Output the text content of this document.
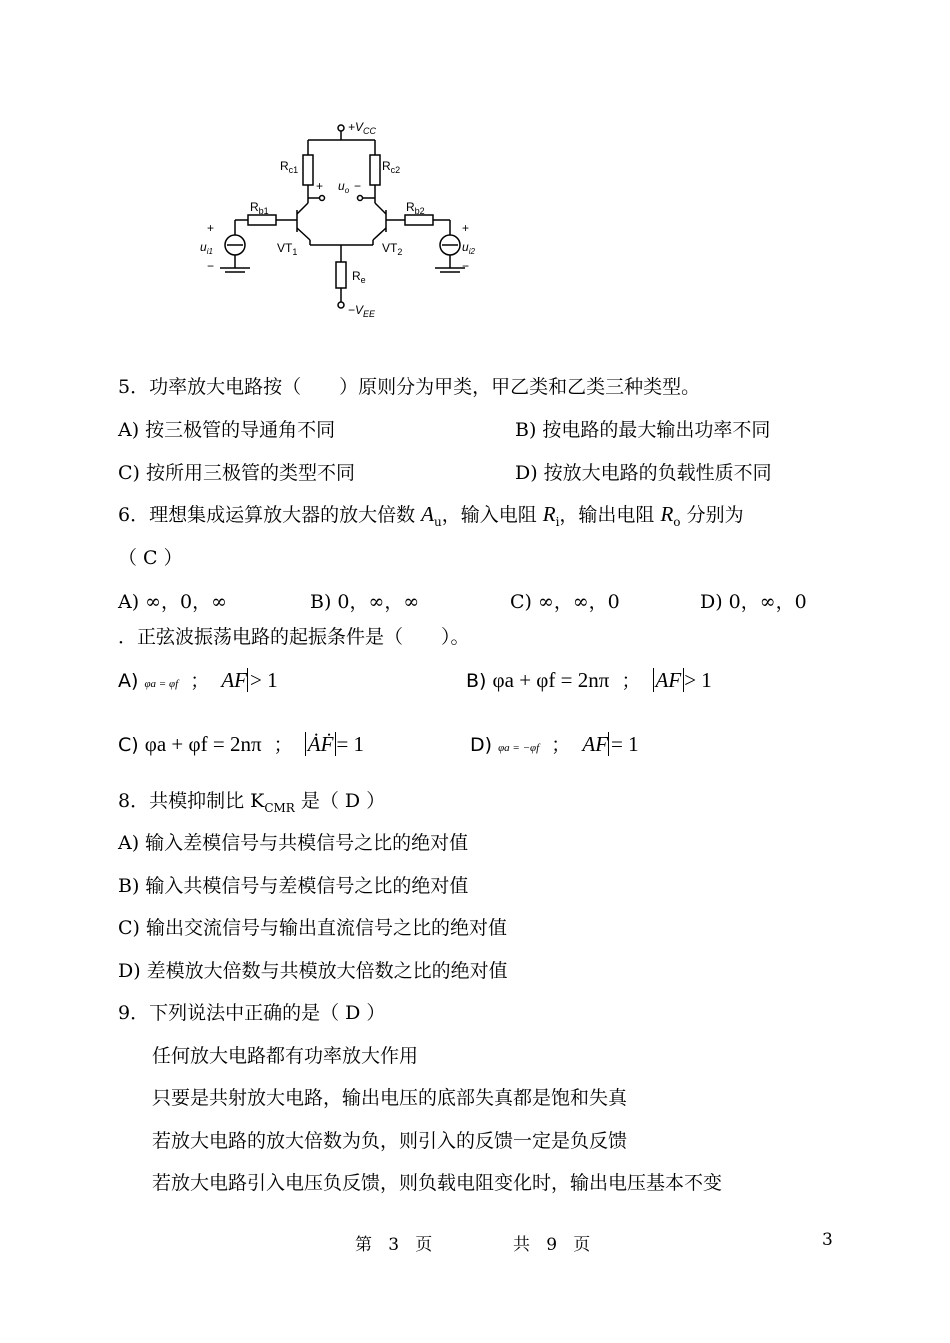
$+V_{CC}$
$R_{c1}$	$R_{c2}$
+ $u_o$ −
$R_{b1}$	$R_{b2}$
$VT_1$	$VT_2$
$R_e$
$-V_{EE}$
+
$u_{i1}$
−
+
$u_{i2}$
−
5．功率放大电路按（　　）原则分为甲类，甲乙类和乙类三种类型。
A) 按三极管的导通角不同	B) 按电路的最大输出功率不同
C) 按所用三极管的类型不同	D) 按放大电路的负载性质不同
6．理想集成运算放大器的放大倍数 $A_u$，输入电阻 $R_i$，输出电阻 $R_o$ 分别为
（ C ）
A) ∞，0，∞	B) 0，∞，∞	C) ∞，∞，0	D) 0，∞，0
．正弦波振荡电路的起振条件是（　　）。
A) φa = φf ； AF > 1	B) φa + φf = 2nπ ； AF > 1
C) φa + φf = 2nπ ； ȦḞ = 1	D) φa = −φf ； AF = 1
8．共模抑制比 $K_{CMR}$ 是（ D ）
A) 输入差模信号与共模信号之比的绝对值
B) 输入共模信号与差模信号之比的绝对值
C) 输出交流信号与输出直流信号之比的绝对值
D) 差模放大倍数与共模放大倍数之比的绝对值
9．下列说法中正确的是（ D ）
任何放大电路都有功率放大作用
只要是共射放大电路，输出电压的底部失真都是饱和失真
若放大电路的放大倍数为负，则引入的反馈一定是负反馈
若放大电路引入电压负反馈，则负载电阻变化时，输出电压基本不变
第 3 页	共 9 页	3
